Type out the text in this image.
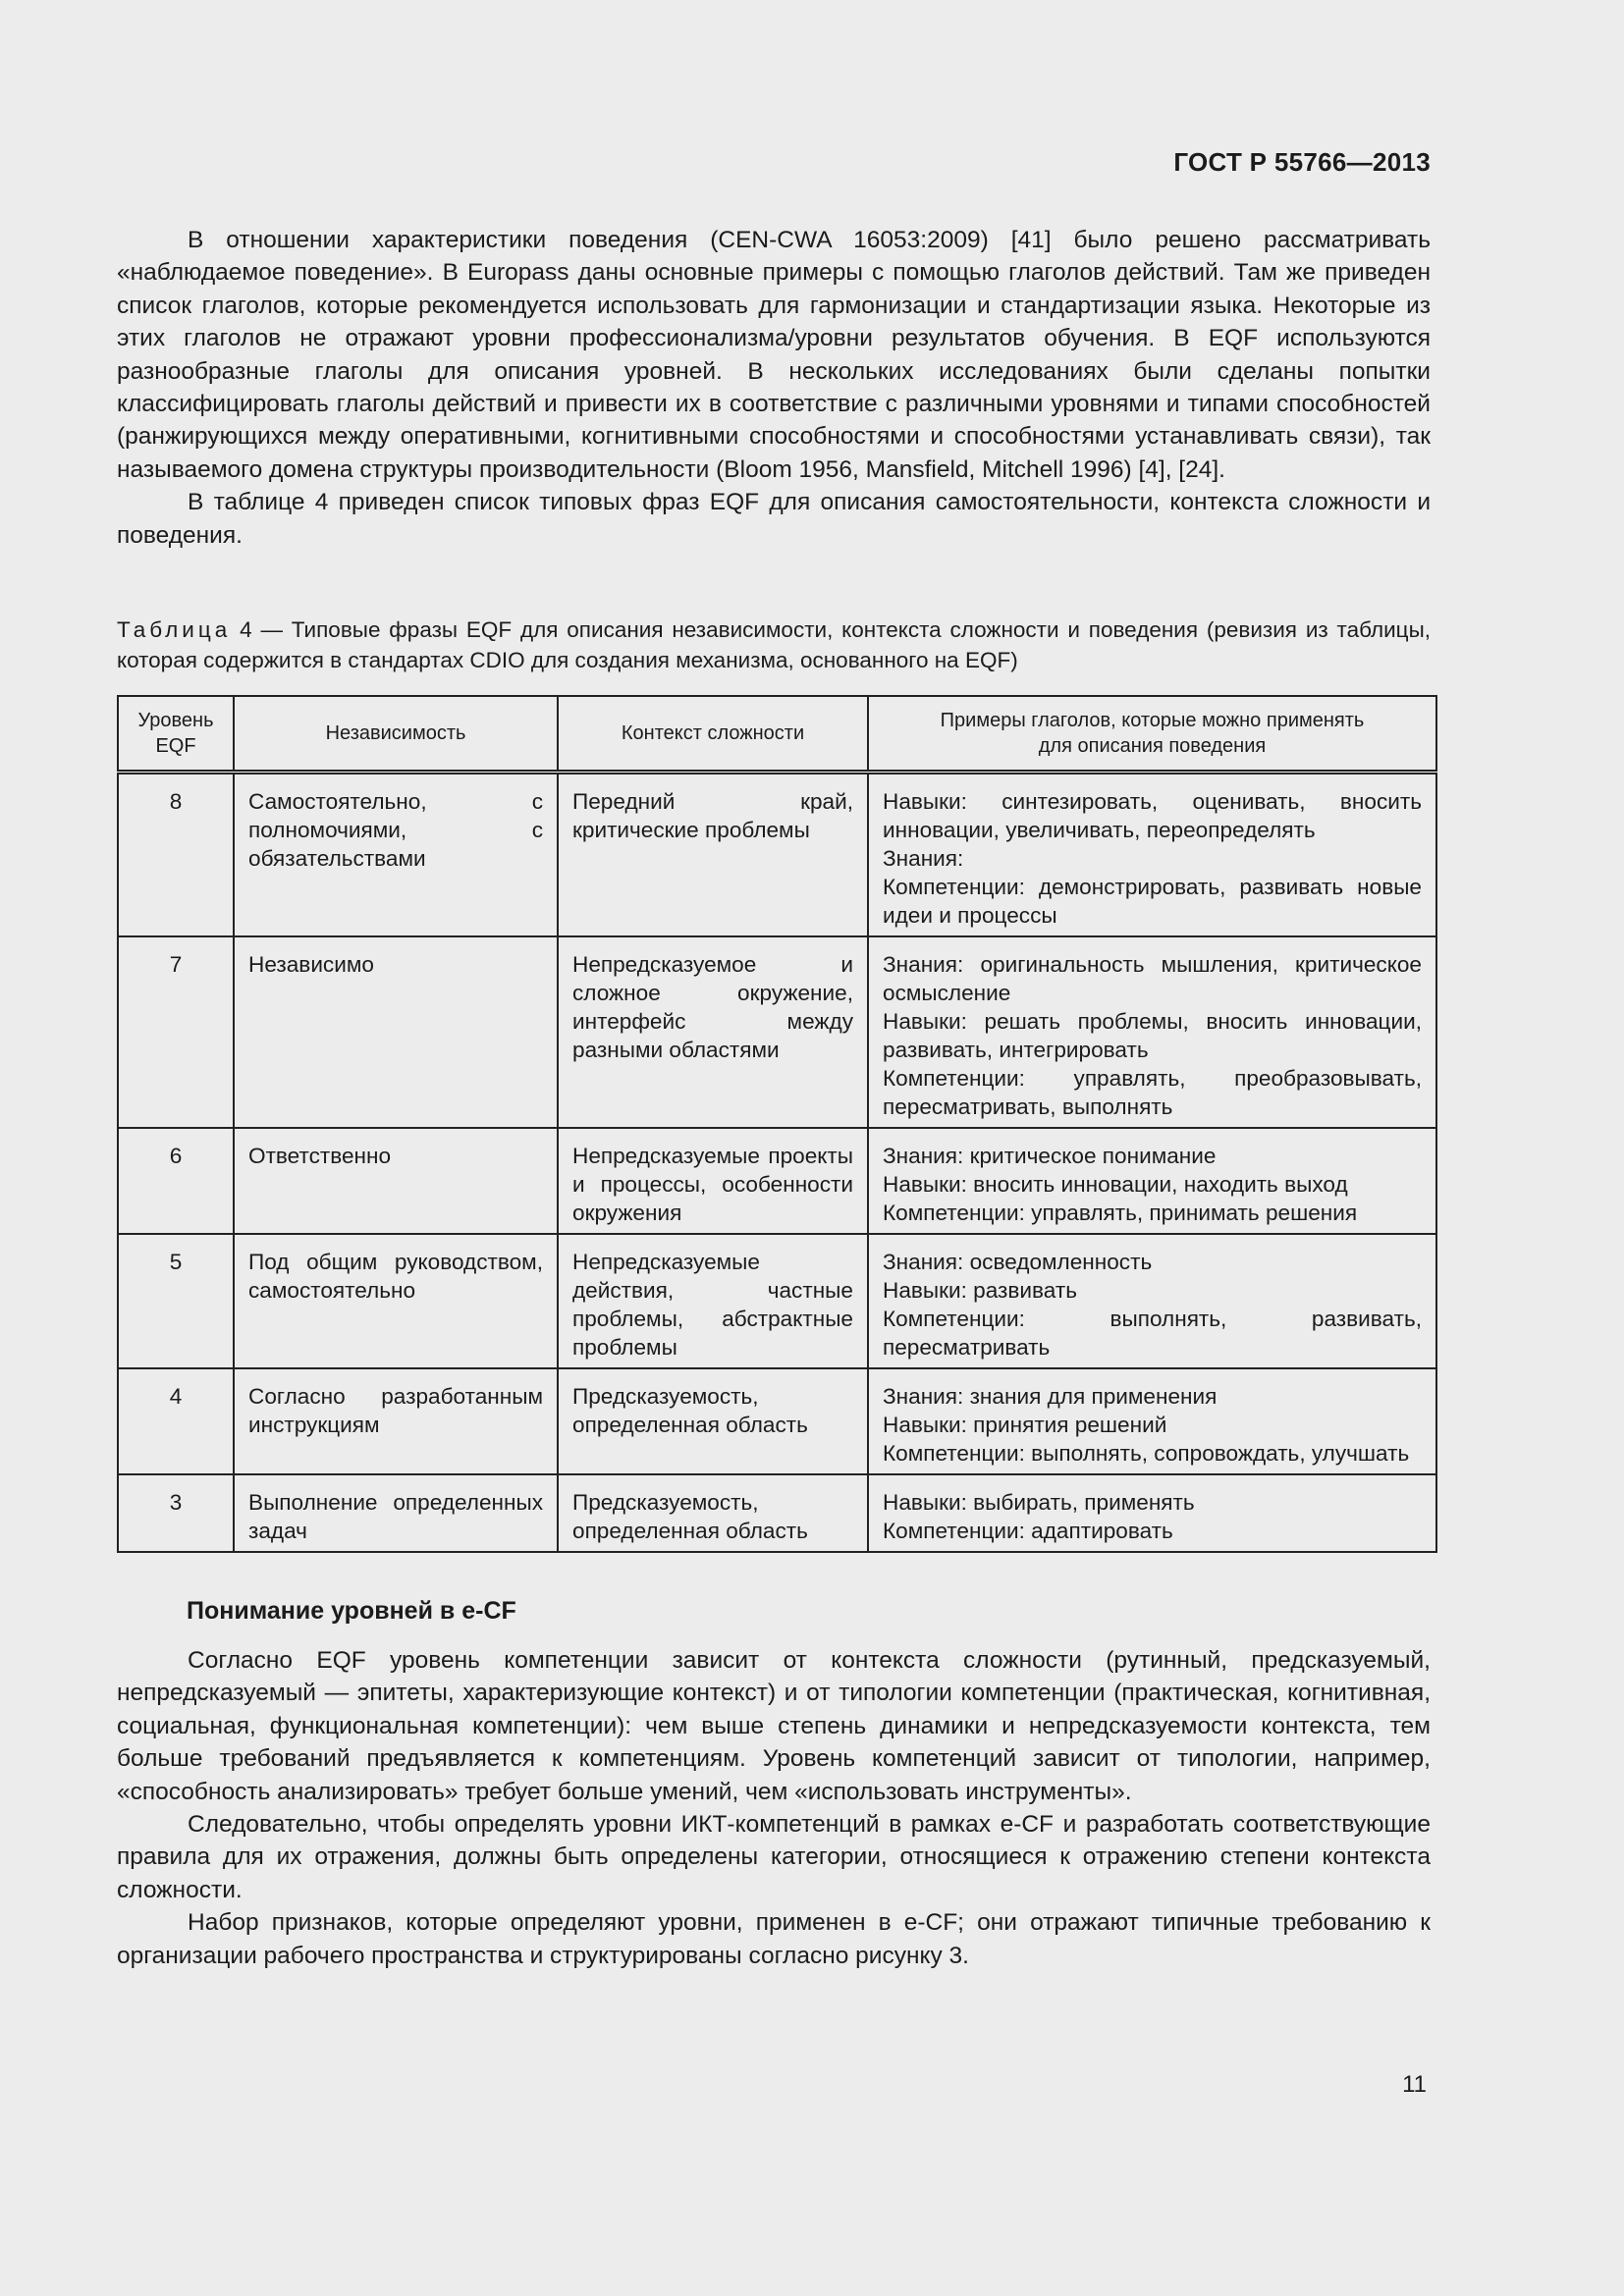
ГОСТ Р 55766—2013

В отношении характеристики поведения (CEN-CWA 16053:2009) [41] было решено рассматривать «наблюдаемое поведение». В Europass даны основные примеры с помощью глаголов действий. Там же приведен список глаголов, которые рекомендуется использовать для гармонизации и стандартизации языка. Некоторые из этих глаголов не отражают уровни профессионализма/уровни результатов обучения. В EQF используются разнообразные глаголы для описания уровней. В нескольких исследованиях были сделаны попытки классифицировать глаголы действий и привести их в соответствие с различными уровнями и типами способностей (ранжирующихся между оперативными, когнитивными способностями и способностями устанавливать связи), так называемого домена структуры производительности (Bloom 1956, Mansfield, Mitchell 1996) [4], [24].

В таблице 4 приведен список типовых фраз EQF для описания самостоятельности, контекста сложности и поведения.

Таблица 4 — Типовые фразы EQF для описания независимости, контекста сложности и поведения (ревизия из таблицы, которая содержится в стандартах CDIO для создания механизма, основанного на EQF)
Уровень
EQF	Независимость	Контекст сложности	Примеры глаголов, которые можно применять
для описания поведения

8	Самостоятельно, с полномочиями, с обязательствами	Передний край, критические проблемы	Навыки: синтезировать, оценивать, вносить инновации, увеличивать, переопределять
Знания:
Компетенции: демонстрировать, развивать новые идеи и процессы

7	Независимо	Непредсказуемое и сложное окружение, интерфейс между разными областями	Знания: оригинальность мышления, критическое осмысление
Навыки: решать проблемы, вносить инновации, развивать, интегрировать
Компетенции: управлять, преобразовывать, пересматривать, выполнять

6	Ответственно	Непредсказуемые проекты и процессы, особенности окружения	Знания: критическое понимание
Навыки: вносить инновации, находить выход
Компетенции: управлять, принимать решения

5	Под общим руководством, самостоятельно	Непредсказуемые действия, частные проблемы, абстрактные проблемы	Знания: осведомленность
Навыки: развивать
Компетенции: выполнять, развивать, пересматривать

4	Согласно разработанным инструкциям	Предсказуемость, определенная область	Знания: знания для применения
Навыки: принятия решений
Компетенции: выполнять, сопровождать, улучшать

3	Выполнение определенных задач	Предсказуемость, определенная область	Навыки: выбирать, применять
Компетенции: адаптировать
Понимание уровней в e-CF

Согласно EQF уровень компетенции зависит от контекста сложности (рутинный, предсказуемый, непредсказуемый — эпитеты, характеризующие контекст) и от типологии компетенции (практическая, когнитивная, социальная, функциональная компетенции): чем выше степень динамики и непредсказуемости контекста, тем больше требований предъявляется к компетенциям. Уровень компетенций зависит от типологии, например, «способность анализировать» требует больше умений, чем «использовать инструменты».

Следовательно, чтобы определять уровни ИКТ-компетенций в рамках e-CF и разработать соответствующие правила для их отражения, должны быть определены категории, относящиеся к отражению степени контекста сложности.

Набор признаков, которые определяют уровни, применен в e-CF; они отражают типичные требованию к организации рабочего пространства и структурированы согласно рисунку 3.

11
